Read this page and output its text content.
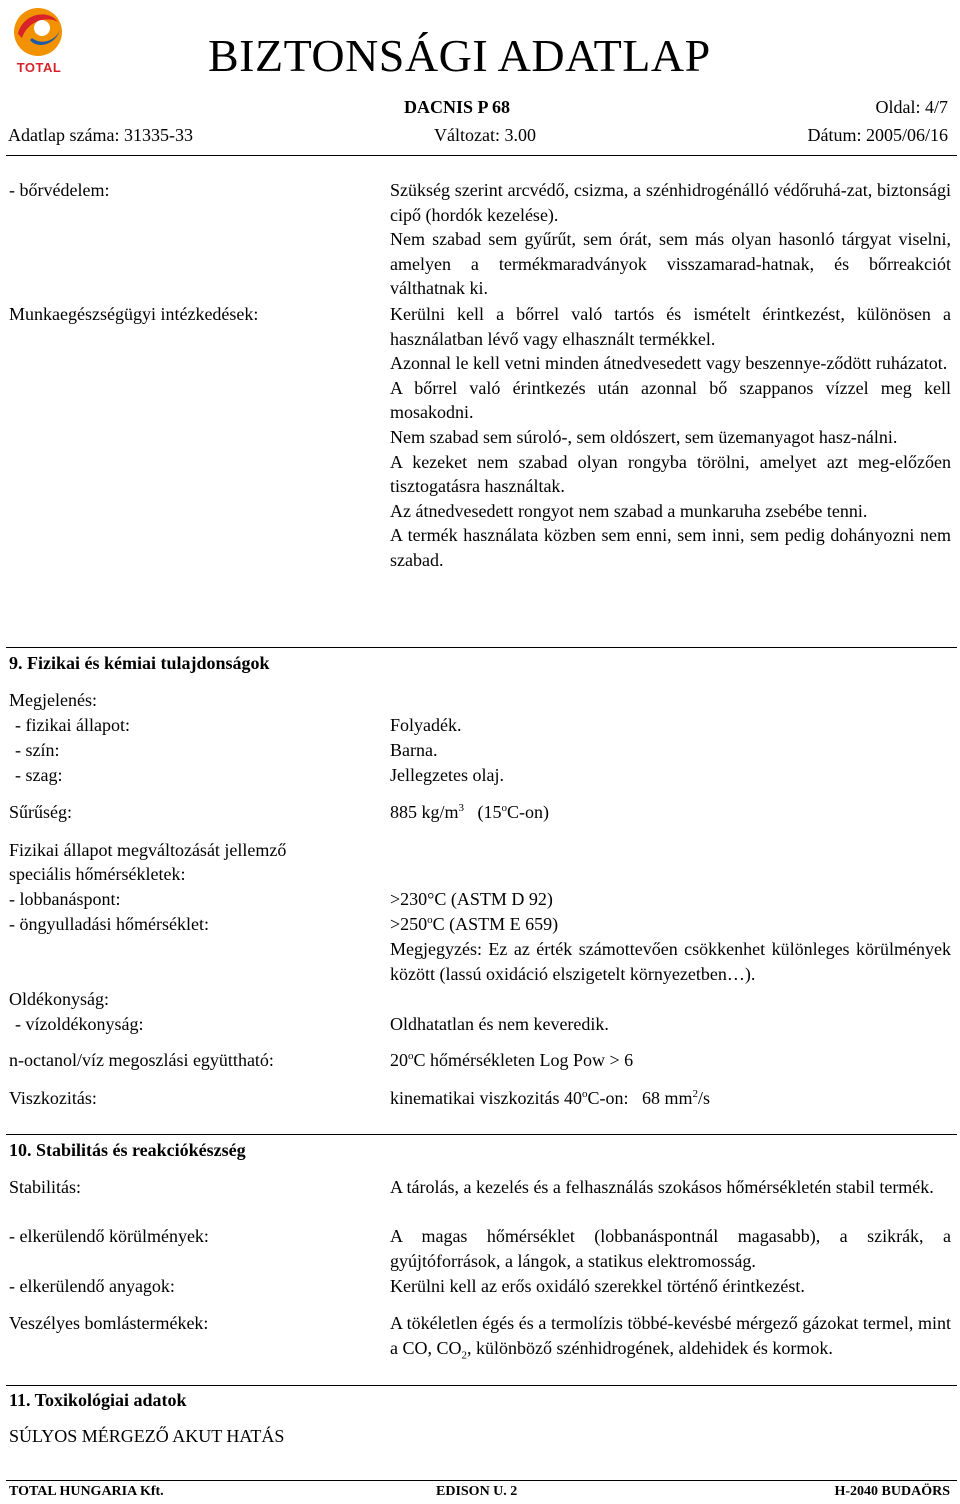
TOTAL	BIZTONSÁGI ADATLAP
DACNIS P 68	Oldal: 4/7
Adatlap száma: 31335-33	Változat: 3.00	Dátum: 2005/06/16
- bőrvédelem:	Szükség szerint arcvédő, csizma, a szénhidrogénálló védőruhá-zat, biztonsági cipő (hordók kezelése).

Nem szabad sem gyűrűt, sem órát, sem más olyan hasonló tárgyat viselni, amelyen a termékmaradványok visszamarad-hatnak, és bőrreakciót válthatnak ki.

Munkaegészségügyi intézkedések:	Kerülni kell a bőrrel való tartós és ismételt érintkezést, különösen a használatban lévő vagy elhasznált termékkel.

Azonnal le kell vetni minden átnedvesedett vagy beszennye-ződött ruházatot.

A bőrrel való érintkezés után azonnal bő szappanos vízzel meg kell mosakodni.

Nem szabad sem súroló-, sem oldószert, sem üzemanyagot hasz-nálni.

A kezeket nem szabad olyan rongyba törölni, amelyet azt meg-előzően tisztogatásra használtak.

Az átnedvesedett rongyot nem szabad a munkaruha zsebébe tenni.

A termék használata közben sem enni, sem inni, sem pedig dohányozni nem szabad.

9. Fizikai és kémiai tulajdonságok
Megjelenés:
- fizikai állapot:	Folyadék.
- szín:	Barna.
- szag:	Jellegzetes olaj.
Sűrűség:	885 $kg/m^3$ (15$^o$C-on)
Fizikai állapot megváltozását jellemző
speciális hőmérsékletek:
- lobbanáspont:	>230°C (ASTM D 92)
- öngyulladási hőmérséklet:	$>250^oC$ (ASTM E 659)
Megjegyzés: Ez az érték számottevően csökkenhet különleges körülmények között (lassú oxidáció elszigetelt környezetben…).
Oldékonyság:
- vízoldékonyság:	Oldhatatlan és nem keveredik.
n-octanol/víz megoszlási együttható:	20$^o$C hőmérsékleten Log Pow > 6
Viszkozitás:	kinematikai viszkozitás 40$^o$C-on:   68 $mm^2/s$
10. Stabilitás és reakciókészség
Stabilitás:	A tárolás, a kezelés és a felhasználás szokásos hőmérsékletén stabil termék.
- elkerülendő körülmények:	A magas hőmérséklet (lobbanáspontnál magasabb), a szikrák, a gyújtóforrások, a lángok, a statikus elektromosság.
- elkerülendő anyagok:	Kerülni kell az erős oxidáló szerekkel történő érintkezést.
Veszélyes bomlástermékek:	A tökéletlen égés és a termolízis többé-kevésbé mérgező gázokat termel, mint a CO, $CO_2$, különböző szénhidrogének, aldehidek és kormok.
11. Toxikológiai adatok
SÚLYOS MÉRGEZŐ AKUT HATÁS
TOTAL HUNGARIA Kft.	EDISON U. 2	H-2040 BUDAÖRS
